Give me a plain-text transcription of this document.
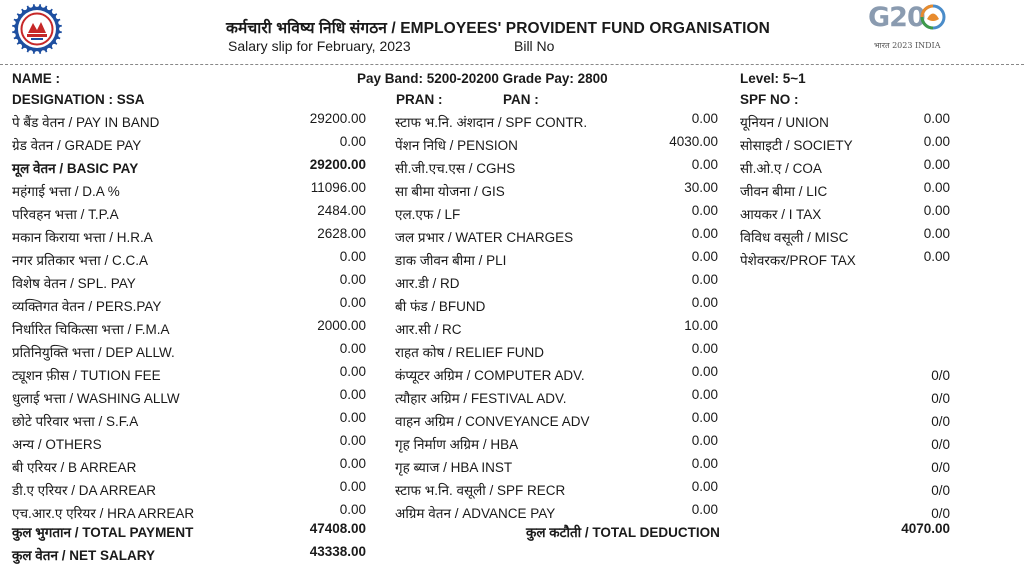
कर्मचारी भविष्य निधि संगठन / EMPLOYEES' PROVIDENT FUND ORGANISATION
Salary slip for February, 2023	Bill No
G20
भारत 2023 INDIA
NAME :	Pay Band: 5200-20200 Grade Pay: 2800	Level: 5~1
DESIGNATION : SSA	PRAN :	PAN :	SPF NO :
पे बैंड वेतन / PAY IN BAND	29200.00
ग्रेड वेतन / GRADE PAY	0.00
मूल वेतन / BASIC PAY	29200.00
महंगाई भत्ता / D.A %	11096.00
परिवहन भत्ता / T.P.A	2484.00
मकान किराया भत्ता / H.R.A	2628.00
नगर प्रतिकार भत्ता / C.C.A	0.00
विशेष वेतन / SPL. PAY	0.00
व्यक्तिगत वेतन / PERS.PAY	0.00
निर्धारित चिकित्सा भत्ता / F.M.A	2000.00
प्रतिनियुक्ति भत्ता / DEP ALLW.	0.00
ट्यूशन फ़ीस / TUTION FEE	0.00
धुलाई भत्ता / WASHING ALLW	0.00
छोटे परिवार भत्ता / S.F.A	0.00
अन्य / OTHERS	0.00
बी एरियर / B ARREAR	0.00
डी.ए एरियर / DA ARREAR	0.00
एच.आर.ए एरियर / HRA ARREAR	0.00
स्टाफ भ.नि. अंशदान / SPF CONTR.	0.00
पेंशन निधि / PENSION	4030.00
सी.जी.एच.एस / CGHS	0.00
सा बीमा योजना / GIS	30.00
एल.एफ / LF	0.00
जल प्रभार / WATER CHARGES	0.00
डाक जीवन बीमा / PLI	0.00
आर.डी / RD	0.00
बी फंड / BFUND	0.00
आर.सी / RC	10.00
राहत कोष / RELIEF FUND	0.00
कंप्यूटर अग्रिम / COMPUTER ADV.	0.00
त्यौहार अग्रिम / FESTIVAL ADV.	0.00
वाहन अग्रिम / CONVEYANCE ADV	0.00
गृह निर्माण अग्रिम / HBA	0.00
गृह ब्याज / HBA INST	0.00
स्टाफ भ.नि. वसूली / SPF RECR	0.00
अग्रिम वेतन / ADVANCE PAY	0.00
यूनियन / UNION	0.00
सोसाइटी / SOCIETY	0.00
सी.ओ.ए / COA	0.00
जीवन बीमा / LIC	0.00
आयकर / I TAX	0.00
विविध वसूली / MISC	0.00
पेशेवरकर/PROF TAX	0.00
0/0
0/0
0/0
0/0
0/0
0/0
0/0
कुल भुगतान / TOTAL PAYMENT	47408.00	कुल कटौती / TOTAL DEDUCTION	4070.00
कुल वेतन / NET SALARY	43338.00
